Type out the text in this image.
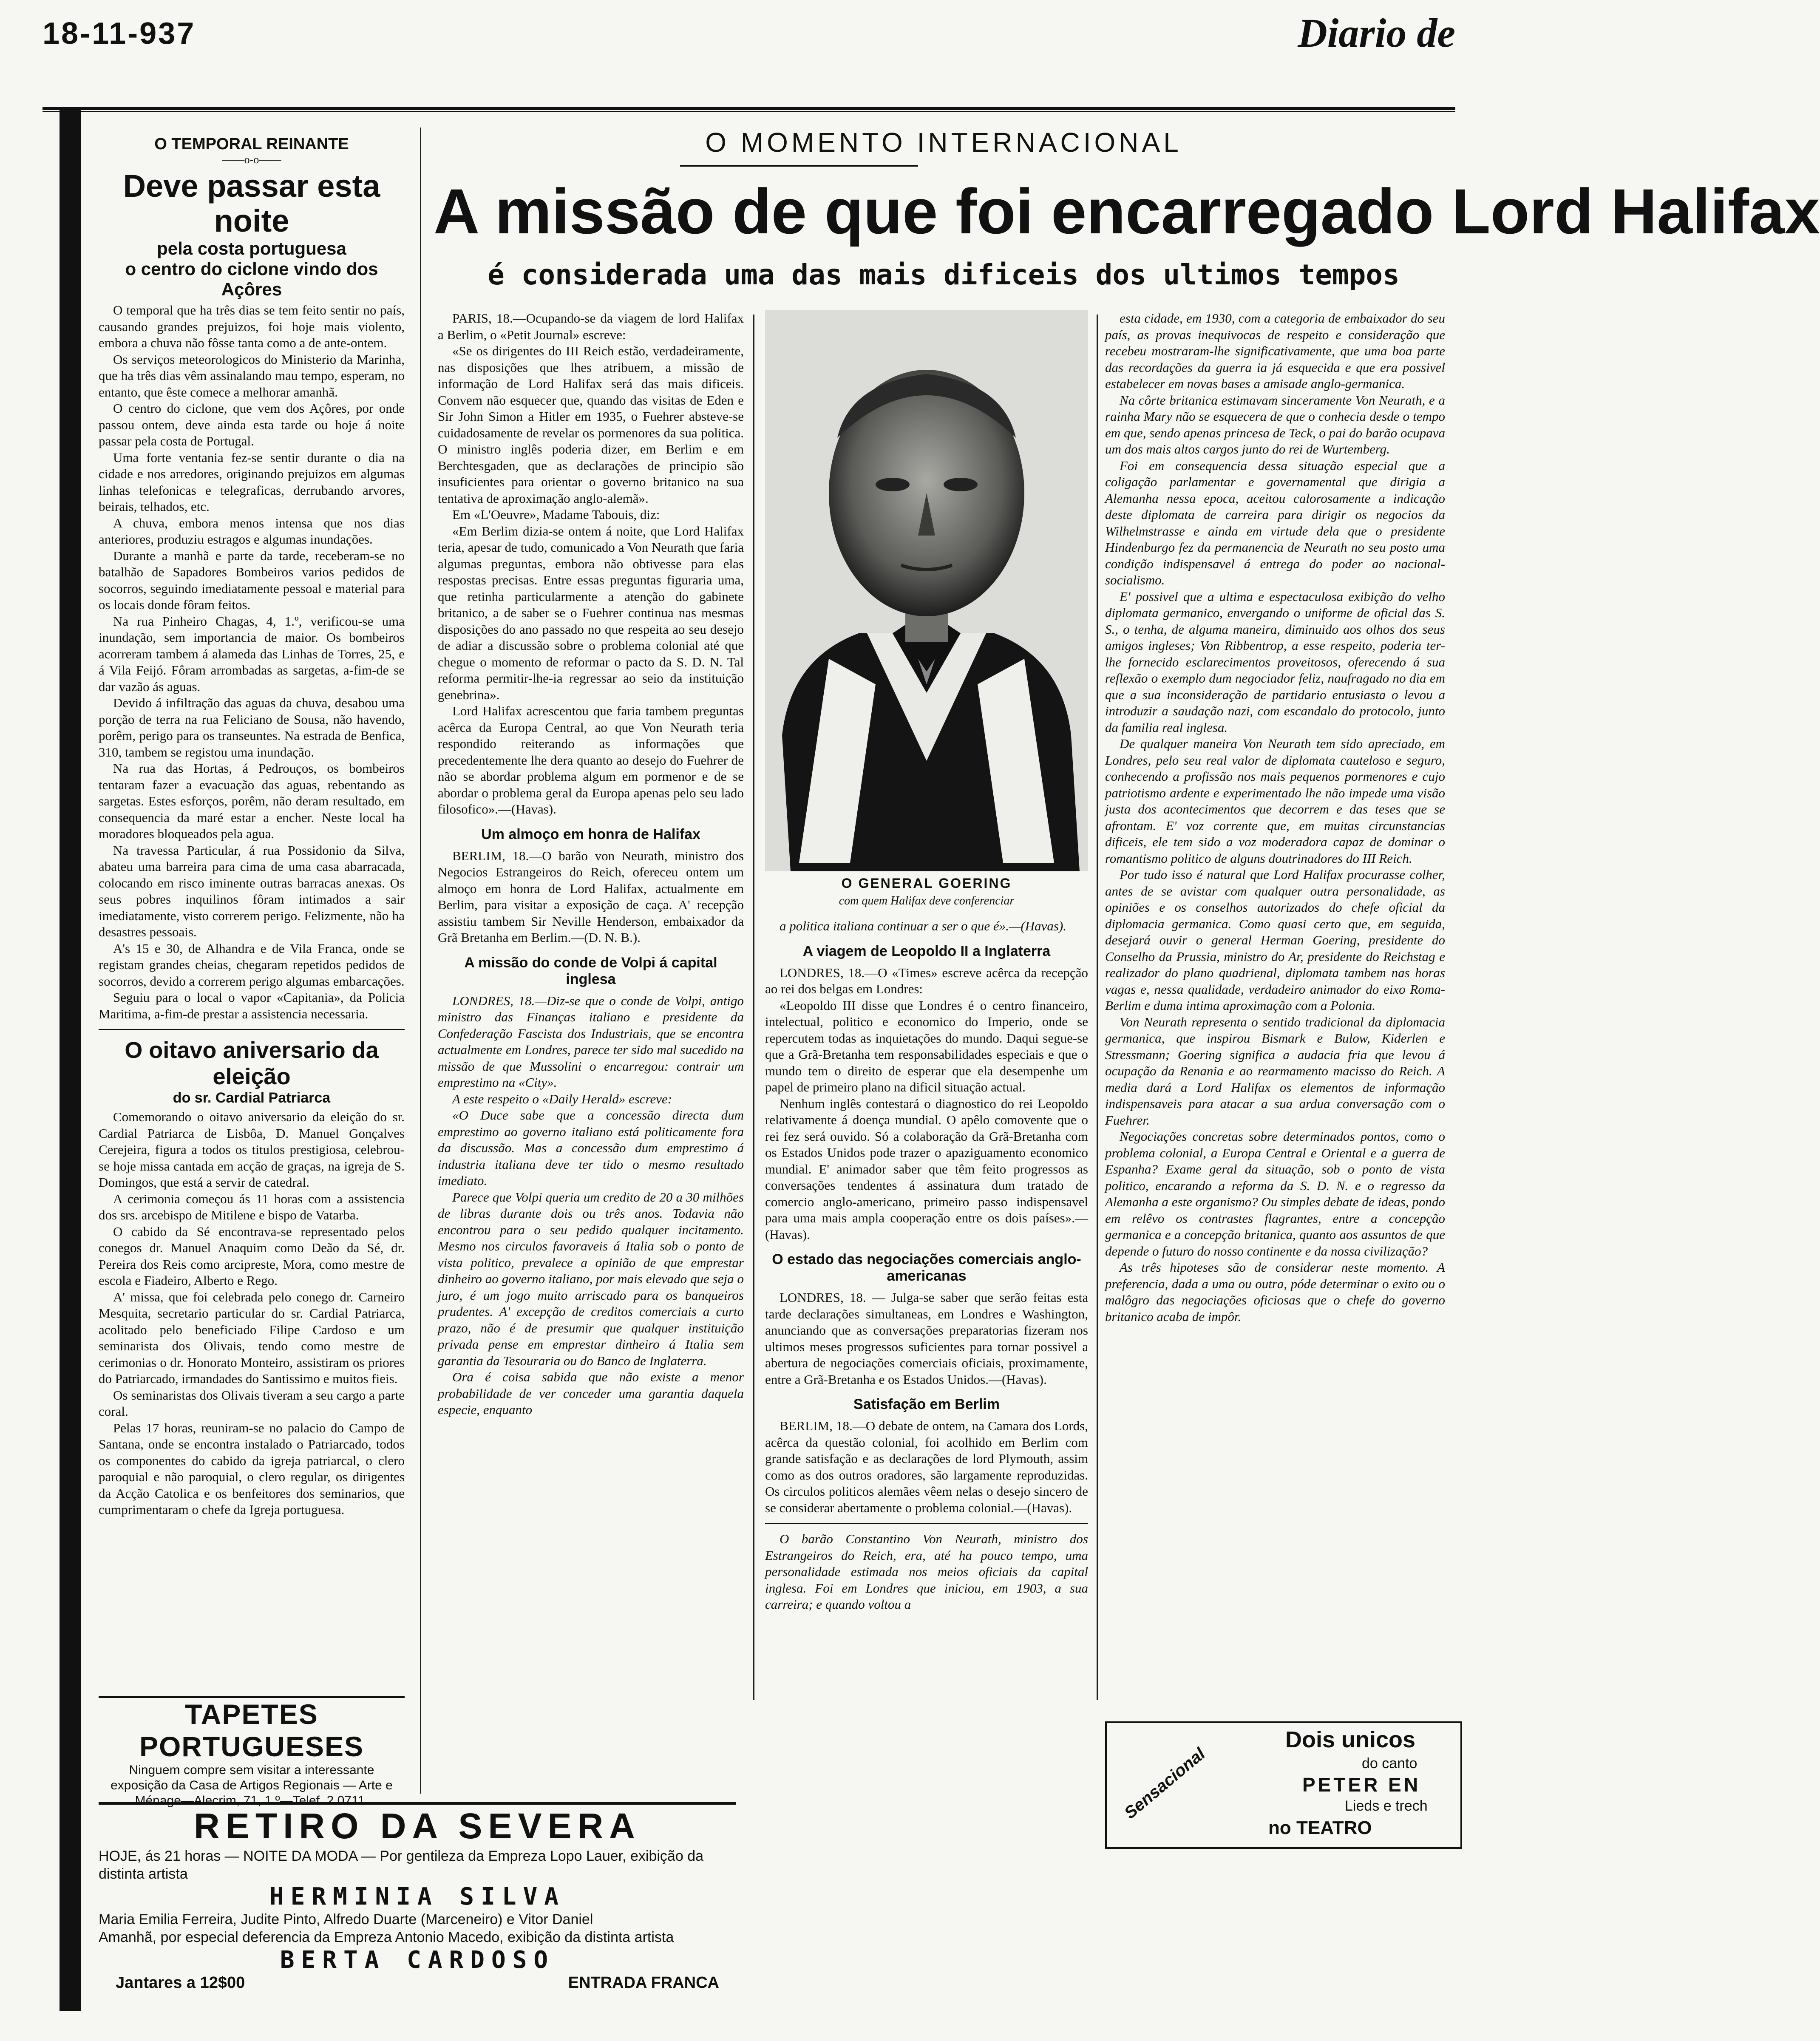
18-11-937	Diario de
O TEMPORAL REINANTE
——o-o——
Deve passar esta noite
pela costa portuguesa
o centro do ciclone vindo dos Açôres

O temporal que ha três dias se tem feito sentir no país, causando grandes prejuizos, foi hoje mais violento, embora a chuva não fôsse tanta como a de ante-ontem.

Os serviços meteorologicos do Ministerio da Marinha, que ha três dias vêm assinalando mau tempo, esperam, no entanto, que êste comece a melhorar amanhã.

O centro do ciclone, que vem dos Açôres, por onde passou ontem, deve ainda esta tarde ou hoje á noite passar pela costa de Portugal.

Uma forte ventania fez-se sentir durante o dia na cidade e nos arredores, originando prejuizos em algumas linhas telefonicas e telegraficas, derrubando arvores, beirais, telhados, etc.

A chuva, embora menos intensa que nos dias anteriores, produziu estragos e algumas inundações.

Durante a manhã e parte da tarde, receberam-se no batalhão de Sapadores Bombeiros varios pedidos de socorros, seguindo imediatamente pessoal e material para os locais donde fôram feitos.

Na rua Pinheiro Chagas, 4, 1.º, verificou-se uma inundação, sem importancia de maior. Os bombeiros acorreram tambem á alameda das Linhas de Torres, 25, e á Vila Feijó. Fôram arrombadas as sargetas, a-fim-de se dar vazão ás aguas.

Devido á infiltração das aguas da chuva, desabou uma porção de terra na rua Feliciano de Sousa, não havendo, porêm, perigo para os transeuntes. Na estrada de Benfica, 310, tambem se registou uma inundação.

Na rua das Hortas, á Pedrouços, os bombeiros tentaram fazer a evacuação das aguas, rebentando as sargetas. Estes esforços, porêm, não deram resultado, em consequencia da maré estar a encher. Neste local ha moradores bloqueados pela agua.

Na travessa Particular, á rua Possidonio da Silva, abateu uma barreira para cima de uma casa abarracada, colocando em risco iminente outras barracas anexas. Os seus pobres inquilinos fôram intimados a sair imediatamente, visto correrem perigo. Felizmente, não ha desastres pessoais.

A's 15 e 30, de Alhandra e de Vila Franca, onde se registam grandes cheias, chegaram repetidos pedidos de socorros, devido a correrem perigo algumas embarcações.

Seguiu para o local o vapor «Capitania», da Policia Maritima, a-fim-de prestar a assistencia necessaria.

O oitavo aniversario da eleição
do sr. Cardial Patriarca

Comemorando o oitavo aniversario da eleição do sr. Cardial Patriarca de Lisbôa, D. Manuel Gonçalves Cerejeira, figura a todos os titulos prestigiosa, celebrou-se hoje missa cantada em acção de graças, na igreja de S. Domingos, que está a servir de catedral.

A cerimonia começou ás 11 horas com a assistencia dos srs. arcebispo de Mitilene e bispo de Vatarba.

O cabido da Sé encontrava-se representado pelos conegos dr. Manuel Anaquim como Deão da Sé, dr. Pereira dos Reis como arcipreste, Mora, como mestre de escola e Fiadeiro, Alberto e Rego.

A' missa, que foi celebrada pelo conego dr. Carneiro Mesquita, secretario particular do sr. Cardial Patriarca, acolitado pelo beneficiado Filipe Cardoso e um seminarista dos Olivais, tendo como mestre de cerimonias o dr. Honorato Monteiro, assistiram os priores do Patriarcado, irmandades do Santissimo e muitos fieis.

Os seminaristas dos Olivais tiveram a seu cargo a parte coral.

Pelas 17 horas, reuniram-se no palacio do Campo de Santana, onde se encontra instalado o Patriarcado, todos os componentes do cabido da igreja patriarcal, o clero paroquial e não paroquial, o clero regular, os dirigentes da Acção Catolica e os benfeitores dos seminarios, que cumprimentaram o chefe da Igreja portuguesa.

TAPETES PORTUGUESES
Ninguem compre sem visitar a interessante exposição da Casa de Artigos Regionais — Arte e Ménage—Alecrim, 71, 1.º—Telef. 2 0711.
O MOMENTO INTERNACIONAL
A missão de que foi encarregado Lord Halifax
é considerada uma das mais dificeis dos ultimos tempos

PARIS, 18.—Ocupando-se da viagem de lord Halifax a Berlim, o «Petit Journal» escreve:

«Se os dirigentes do III Reich estão, verdadeiramente, nas disposições que lhes atribuem, a missão de informação de Lord Halifax será das mais dificeis. Convem não esquecer que, quando das visitas de Eden e Sir John Simon a Hitler em 1935, o Fuehrer absteve-se cuidadosamente de revelar os pormenores da sua politica. O ministro inglês poderia dizer, em Berlim e em Berchtesgaden, que as declarações de principio são insuficientes para orientar o governo britanico na sua tentativa de aproximação anglo-alemã».

Em «L'Oeuvre», Madame Tabouis, diz:

«Em Berlim dizia-se ontem á noite, que Lord Halifax teria, apesar de tudo, comunicado a Von Neurath que faria algumas preguntas, embora não obtivesse para elas respostas precisas. Entre essas preguntas figuraria uma, que retinha particularmente a atenção do gabinete britanico, a de saber se o Fuehrer continua nas mesmas disposições do ano passado no que respeita ao seu desejo de adiar a discussão sobre o problema colonial até que chegue o momento de reformar o pacto da S. D. N. Tal reforma permitir-lhe-ia regressar ao seio da instituição genebrina».

Lord Halifax acrescentou que faria tambem preguntas acêrca da Europa Central, ao que Von Neurath teria respondido reiterando as informações que precedentemente lhe dera quanto ao desejo do Fuehrer de não se abordar problema algum em pormenor e de se abordar o problema geral da Europa apenas pelo seu lado filosofico».—(Havas).

Um almoço em honra de Halifax

BERLIM, 18.—O barão von Neurath, ministro dos Negocios Estrangeiros do Reich, ofereceu ontem um almoço em honra de Lord Halifax, actualmente em Berlim, para visitar a exposição de caça. A' recepção assistiu tambem Sir Neville Henderson, embaixador da Grã Bretanha em Berlim.—(D. N. B.).

A missão do conde de Volpi á capital inglesa

LONDRES, 18.—Diz-se que o conde de Volpi, antigo ministro das Finanças italiano e presidente da Confederação Fascista dos Industriais, que se encontra actualmente em Londres, parece ter sido mal sucedido na missão de que Mussolini o encarregou: contrair um emprestimo na «City».

A este respeito o «Daily Herald» escreve:

«O Duce sabe que a concessão directa dum emprestimo ao governo italiano está politicamente fora da discussão. Mas a concessão dum emprestimo á industria italiana deve ter tido o mesmo resultado imediato.

Parece que Volpi queria um credito de 20 a 30 milhões de libras durante dois ou três anos. Todavia não encontrou para o seu pedido qualquer incitamento. Mesmo nos circulos favoraveis á Italia sob o ponto de vista politico, prevalece a opinião de que emprestar dinheiro ao governo italiano, por mais elevado que seja o juro, é um jogo muito arriscado para os banqueiros prudentes. A' excepção de creditos comerciais a curto prazo, não é de presumir que qualquer instituição privada pense em emprestar dinheiro á Italia sem garantia da Tesouraria ou do Banco de Inglaterra.

Ora é coisa sabida que não existe a menor probabilidade de ver conceder uma garantia daquela especie, enquanto

O GENERAL GOERING
com quem Halifax deve conferenciar

a politica italiana continuar a ser o que é».—(Havas).

A viagem de Leopoldo II a Inglaterra

LONDRES, 18.—O «Times» escreve acêrca da recepção ao rei dos belgas em Londres:

«Leopoldo III disse que Londres é o centro financeiro, intelectual, politico e economico do Imperio, onde se repercutem todas as inquietações do mundo. Daqui segue-se que a Grã-Bretanha tem responsabilidades especiais e que o mundo tem o direito de esperar que ela desempenhe um papel de primeiro plano na dificil situação actual.

Nenhum inglês contestará o diagnostico do rei Leopoldo relativamente á doença mundial. O apêlo comovente que o rei fez será ouvido. Só a colaboração da Grã-Bretanha com os Estados Unidos pode trazer o apaziguamento economico mundial. E' animador saber que têm feito progressos as conversações tendentes á assinatura dum tratado de comercio anglo-americano, primeiro passo indispensavel para uma mais ampla cooperação entre os dois países».—(Havas).

O estado das negociações comerciais anglo-americanas

LONDRES, 18. — Julga-se saber que serão feitas esta tarde declarações simultaneas, em Londres e Washington, anunciando que as conversações preparatorias fizeram nos ultimos meses progressos suficientes para tornar possivel a abertura de negociações comerciais oficiais, proximamente, entre a Grã-Bretanha e os Estados Unidos.—(Havas).

Satisfação em Berlim

BERLIM, 18.—O debate de ontem, na Camara dos Lords, acêrca da questão colonial, foi acolhido em Berlim com grande satisfação e as declarações de lord Plymouth, assim como as dos outros oradores, são largamente reproduzidas. Os circulos politicos alemães vêem nelas o desejo sincero de se considerar abertamente o problema colonial.—(Havas).

O barão Constantino Von Neurath, ministro dos Estrangeiros do Reich, era, até ha pouco tempo, uma personalidade estimada nos meios oficiais da capital inglesa. Foi em Londres que iniciou, em 1903, a sua carreira; e quando voltou a

esta cidade, em 1930, com a categoria de embaixador do seu país, as provas inequivocas de respeito e consideração que recebeu mostraram-lhe significativamente, que uma boa parte das recordações da guerra ia já esquecida e que era possivel estabelecer em novas bases a amisade anglo-germanica.

Na côrte britanica estimavam sinceramente Von Neurath, e a rainha Mary não se esquecera de que o conhecia desde o tempo em que, sendo apenas princesa de Teck, o pai do barão ocupava um dos mais altos cargos junto do rei de Wurtemberg.

Foi em consequencia dessa situação especial que a coligação parlamentar e governamental que dirigia a Alemanha nessa epoca, aceitou calorosamente a indicação deste diplomata de carreira para dirigir os negocios da Wilhelmstrasse e ainda em virtude dela que o presidente Hindenburgo fez da permanencia de Neurath no seu posto uma condição indispensavel á entrega do poder ao nacional-socialismo.

E' possivel que a ultima e espectaculosa exibição do velho diplomata germanico, envergando o uniforme de oficial das S. S., o tenha, de alguma maneira, diminuido aos olhos dos seus amigos ingleses; Von Ribbentrop, a esse respeito, poderia ter-lhe fornecido esclarecimentos proveitosos, oferecendo á sua reflexão o exemplo dum negociador feliz, naufragado no dia em que a sua inconsideração de partidario entusiasta o levou a introduzir a saudação nazi, com escandalo do protocolo, junto da familia real inglesa.

De qualquer maneira Von Neurath tem sido apreciado, em Londres, pelo seu real valor de diplomata cauteloso e seguro, conhecendo a profissão nos mais pequenos pormenores e cujo patriotismo ardente e experimentado lhe não impede uma visão justa dos acontecimentos que decorrem e das teses que se afrontam. E' voz corrente que, em muitas circunstancias dificeis, ele tem sido a voz moderadora capaz de dominar o romantismo politico de alguns doutrinadores do III Reich.

Por tudo isso é natural que Lord Halifax procurasse colher, antes de se avistar com qualquer outra personalidade, as opiniões e os conselhos autorizados do chefe oficial da diplomacia germanica. Como quasi certo que, em seguida, desejará ouvir o general Herman Goering, presidente do Conselho da Prussia, ministro do Ar, presidente do Reichstag e realizador do plano quadrienal, diplomata tambem nas horas vagas e, nessa qualidade, verdadeiro animador do eixo Roma-Berlim e duma intima aproximação com a Polonia.

Von Neurath representa o sentido tradicional da diplomacia germanica, que inspirou Bismark e Bulow, Kiderlen e Stressmann; Goering significa a audacia fria que levou á ocupação da Renania e ao rearmamento macisso do Reich. A media dará a Lord Halifax os elementos de informação indispensaveis para atacar a sua ardua conversação com o Fuehrer.

Negociações concretas sobre determinados pontos, como o problema colonial, a Europa Central e Oriental e a guerra de Espanha? Exame geral da situação, sob o ponto de vista politico, encarando a reforma da S. D. N. e o regresso da Alemanha a este organismo? Ou simples debate de ideas, pondo em relêvo os contrastes flagrantes, entre a concepção germanica e a concepção britanica, quanto aos assuntos de que depende o futuro do nosso continente e da nossa civilização?

As três hipoteses são de considerar neste momento. A preferencia, dada a uma ou outra, póde determinar o exito ou o malôgro das negociações oficiosas que o chefe do governo britanico acaba de impôr.

RETIRO DA SEVERA
HOJE, ás 21 horas — NOITE DA MODA — Por gentileza da Empreza Lopo Lauer, exibição da distinta artista
HERMINIA SILVA
Maria Emilia Ferreira, Judite Pinto, Alfredo Duarte (Marceneiro) e Vitor Daniel
Amanhã, por especial deferencia da Empreza Antonio Macedo, exibição da distinta artista
BERTA CARDOSO
Jantares a 12$00	ENTRADA FRANCA
Sensacional
Dois unicos
do canto
PETER EN
Lieds e trech
no TEATRO
